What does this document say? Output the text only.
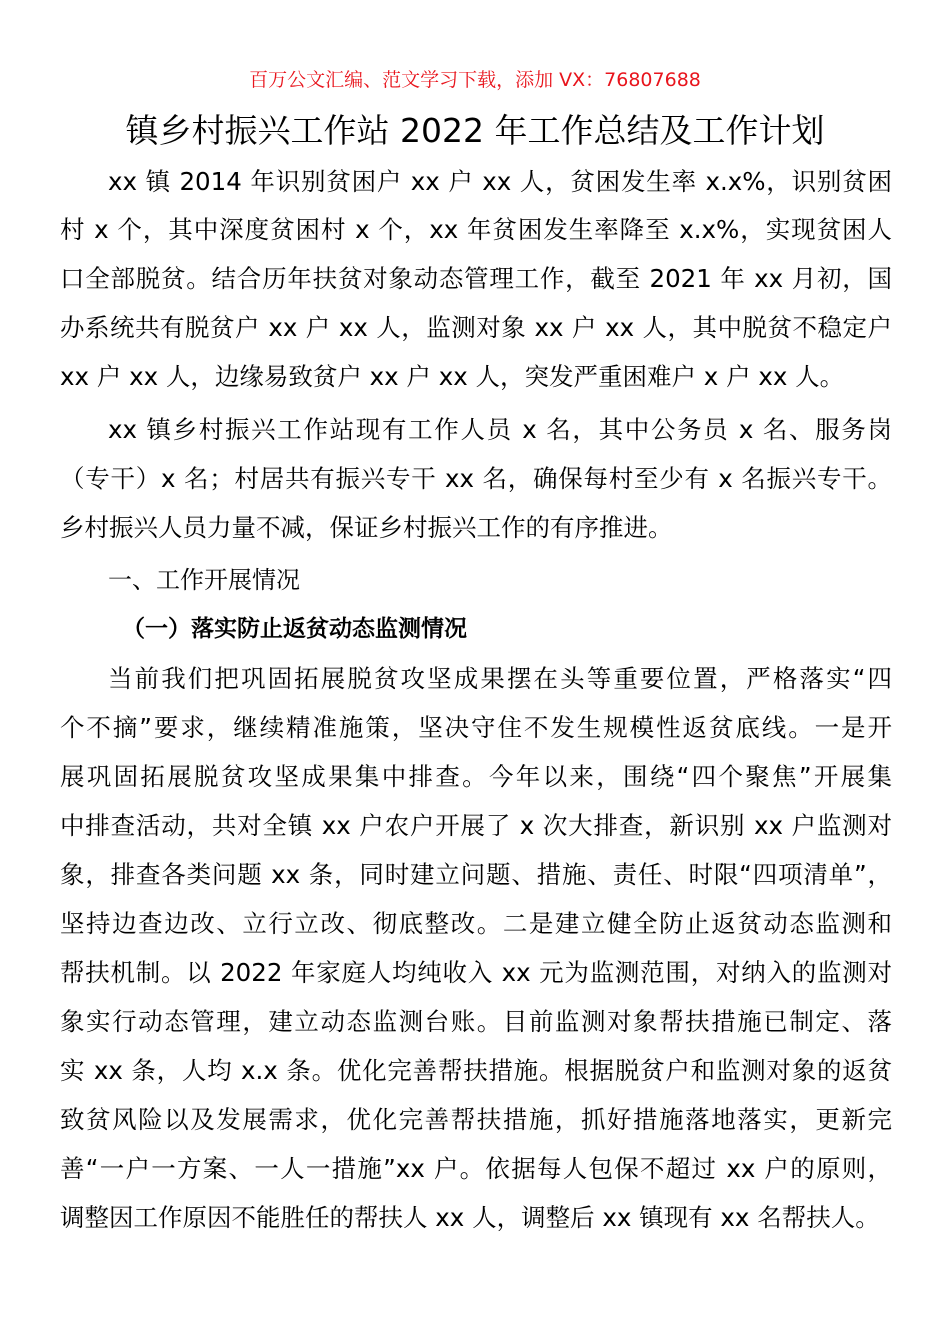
百万公文汇编、范文学习下载，添加 VX：76807688
镇乡村振兴工作站 2022 年工作总结及工作计划
xx 镇 2014 年识别贫困户 xx 户 xx 人，贫困发生率 x.x%，识别贫困
村 x 个，其中深度贫困村 x 个，xx 年贫困发生率降至 x.x%，实现贫困人
口全部脱贫。结合历年扶贫对象动态管理工作，截至 2021 年 xx 月初，国
办系统共有脱贫户 xx 户 xx 人，监测对象 xx 户 xx 人，其中脱贫不稳定户
xx 户 xx 人，边缘易致贫户 xx 户 xx 人，突发严重困难户 x 户 xx 人。
xx 镇乡村振兴工作站现有工作人员 x 名，其中公务员 x 名、服务岗
（专干）x 名；村居共有振兴专干 xx 名，确保每村至少有 x 名振兴专干。
乡村振兴人员力量不减，保证乡村振兴工作的有序推进。
一、工作开展情况
（一）落实防止返贫动态监测情况
当前我们把巩固拓展脱贫攻坚成果摆在头等重要位置，严格落实“四
个不摘”要求，继续精准施策，坚决守住不发生规模性返贫底线。一是开
展巩固拓展脱贫攻坚成果集中排查。今年以来，围绕“四个聚焦”开展集
中排查活动，共对全镇 xx 户农户开展了 x 次大排查，新识别 xx 户监测对
象，排查各类问题 xx 条，同时建立问题、措施、责任、时限“四项清单”，
坚持边查边改、立行立改、彻底整改。二是建立健全防止返贫动态监测和
帮扶机制。以 2022 年家庭人均纯收入 xx 元为监测范围，对纳入的监测对
象实行动态管理，建立动态监测台账。目前监测对象帮扶措施已制定、落
实 xx 条，人均 x.x 条。优化完善帮扶措施。根据脱贫户和监测对象的返贫
致贫风险以及发展需求，优化完善帮扶措施，抓好措施落地落实，更新完
善“一户一方案、一人一措施”xx 户。依据每人包保不超过 xx 户的原则，
调整因工作原因不能胜任的帮扶人 xx 人，调整后 xx 镇现有 xx 名帮扶人。
